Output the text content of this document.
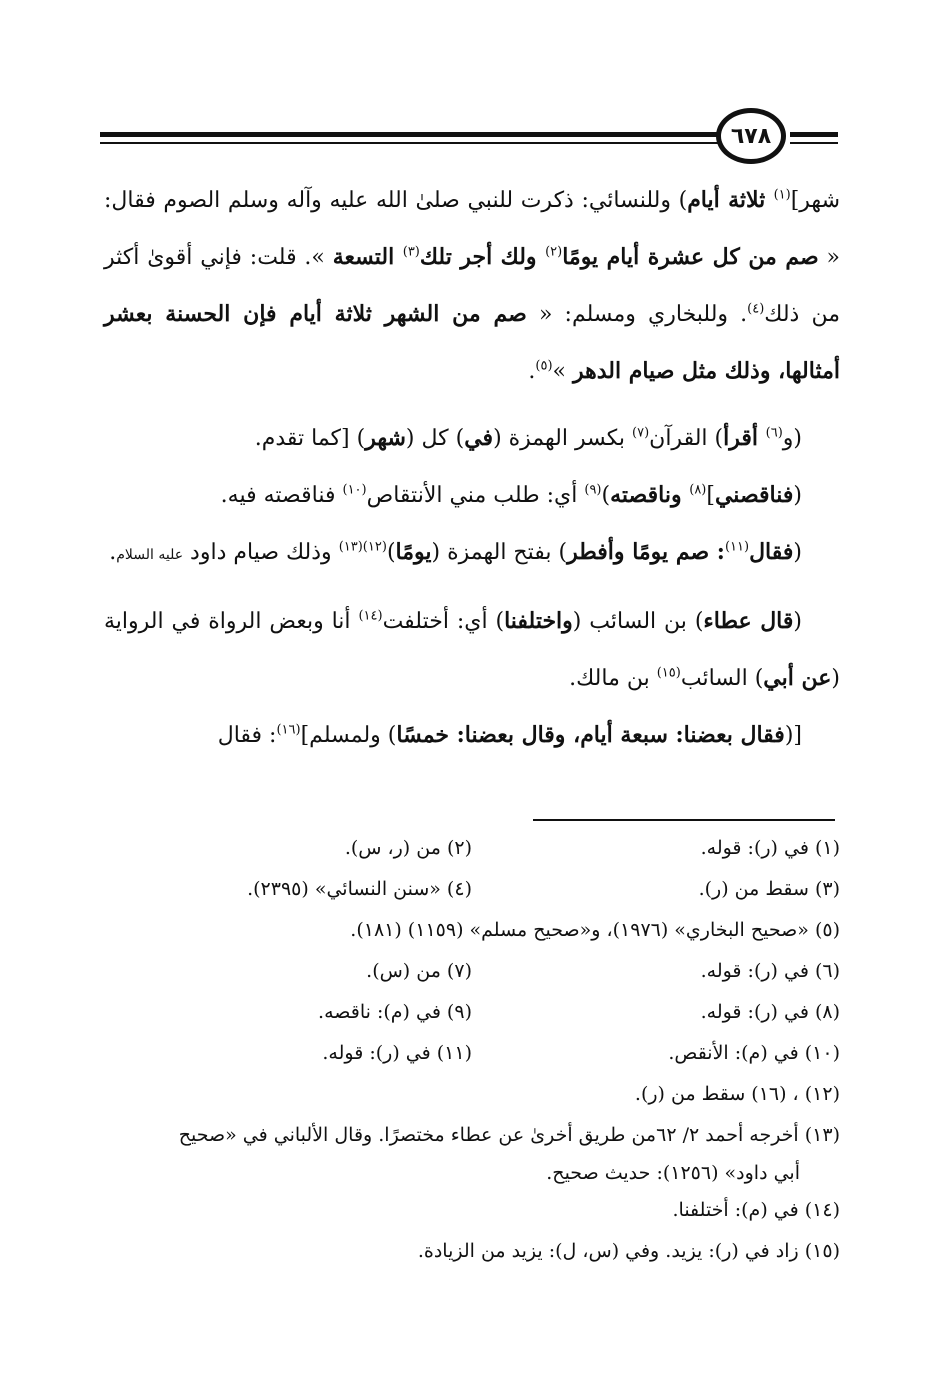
٦٧٨

شهر]$^{(١)}$ ثلاثة أيام) وللنسائي: ذكرت للنبي صلىٰ الله عليه وآله وسلم الصوم فقال: « صم من كل عشرة أيام يومًا$^{(٢)}$ ولك أجر تلك$^{(٣)}$ التسعة ». قلت: فإني أقوىٰ أكثر من ذلك$^{(٤)}$. وللبخاري ومسلم: « صم من الشهر ثلاثة أيام فإن الحسنة بعشر أمثالها، وذلك مثل صيام الدهر »$^{(٥)}$.

(و$^{(٦)}$ أقرأ) القرآن$^{(٧)}$ بكسر الهمزة (في) كل (شهر) [كما تقدم.

(فناقصني]$^{(٨)}$ وناقصته)$^{(٩)}$ أي: طلب مني الأنتقاص$^{(١٠)}$ فناقصته فيه.

(فقال$^{(١١)}$: صم يومًا وأفطر) بفتح الهمزة (يومًا)$^{(١٢)(١٣)}$ وذلك صيام داود عليه السلام.

(قال عطاء) بن السائب (واختلفنا) أي: أختلفت$^{(١٤)}$ أنا وبعض الرواة في الرواية (عن أبي) السائب$^{(١٥)}$ بن مالك.

[(فقال بعضنا: سبعة أيام، وقال بعضنا: خمسًا) ولمسلم]$^{(١٦)}$: فقال

(١) في (ر): قوله.
(٢) من (ر، س).
(٣) سقط من (ر).
(٤) «سنن النسائي» (٢٣٩٥).
(٥) «صحيح البخاري» (١٩٧٦)، و«صحيح مسلم» (١١٥٩) (١٨١).
(٦) في (ر): قوله.
(٧) من (س).
(٨) في (ر): قوله.
(٩) في (م): ناقصه.
(١٠) في (م): الأنقص.
(١١) في (ر): قوله.
(١٢) ، (١٦) سقط من (ر).
(١٣) أخرجه أحمد ٢/ ٦٢من طريق أخرىٰ عن عطاء مختصرًا. وقال الألباني في «صحيح
أبي داود» (١٢٥٦): حديث صحيح.
(١٤) في (م): أختلفنا.
(١٥) زاد في (ر): يزيد. وفي (س، ل): يزيد من الزيادة.
